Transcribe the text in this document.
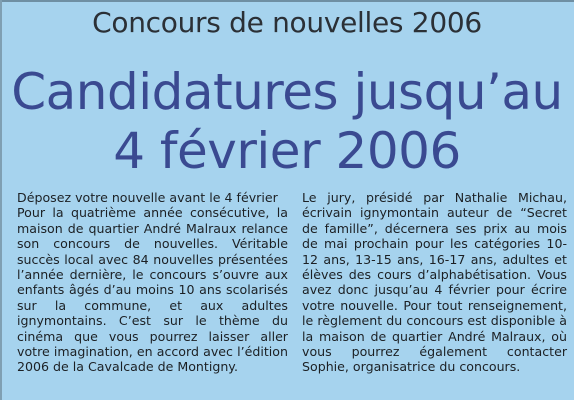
Concours de nouvelles 2006
Candidatures jusqu’au
4 février 2006
Déposez votre nouvelle avant le 4 février

Pour la quatrième année consécutive, la maison de quartier André Malraux relance son concours de nouvelles. Véritable succès local avec 84 nouvelles présentées l’année dernière, le concours s’ouvre aux enfants âgés d’au moins 10 ans scolarisés sur la commune, et aux adultes ignymontains. C’est sur le thème du cinéma que vous pourrez laisser aller votre imagination, en accord avec l’édition 2006 de la Cavalcade de Montigny.

Le jury, présidé par Nathalie Michau, écrivain ignymontain auteur de “Secret de famille”, décernera ses prix au mois de mai prochain pour les catégories 10-12 ans, 13-15 ans, 16-17 ans, adultes et élèves des cours d’alphabétisation. Vous avez donc jusqu’au 4 février pour écrire votre nouvelle. Pour tout renseignement, le règlement du concours est disponible à la maison de quartier André Malraux, où vous pourrez également contacter Sophie, organisatrice du concours.
